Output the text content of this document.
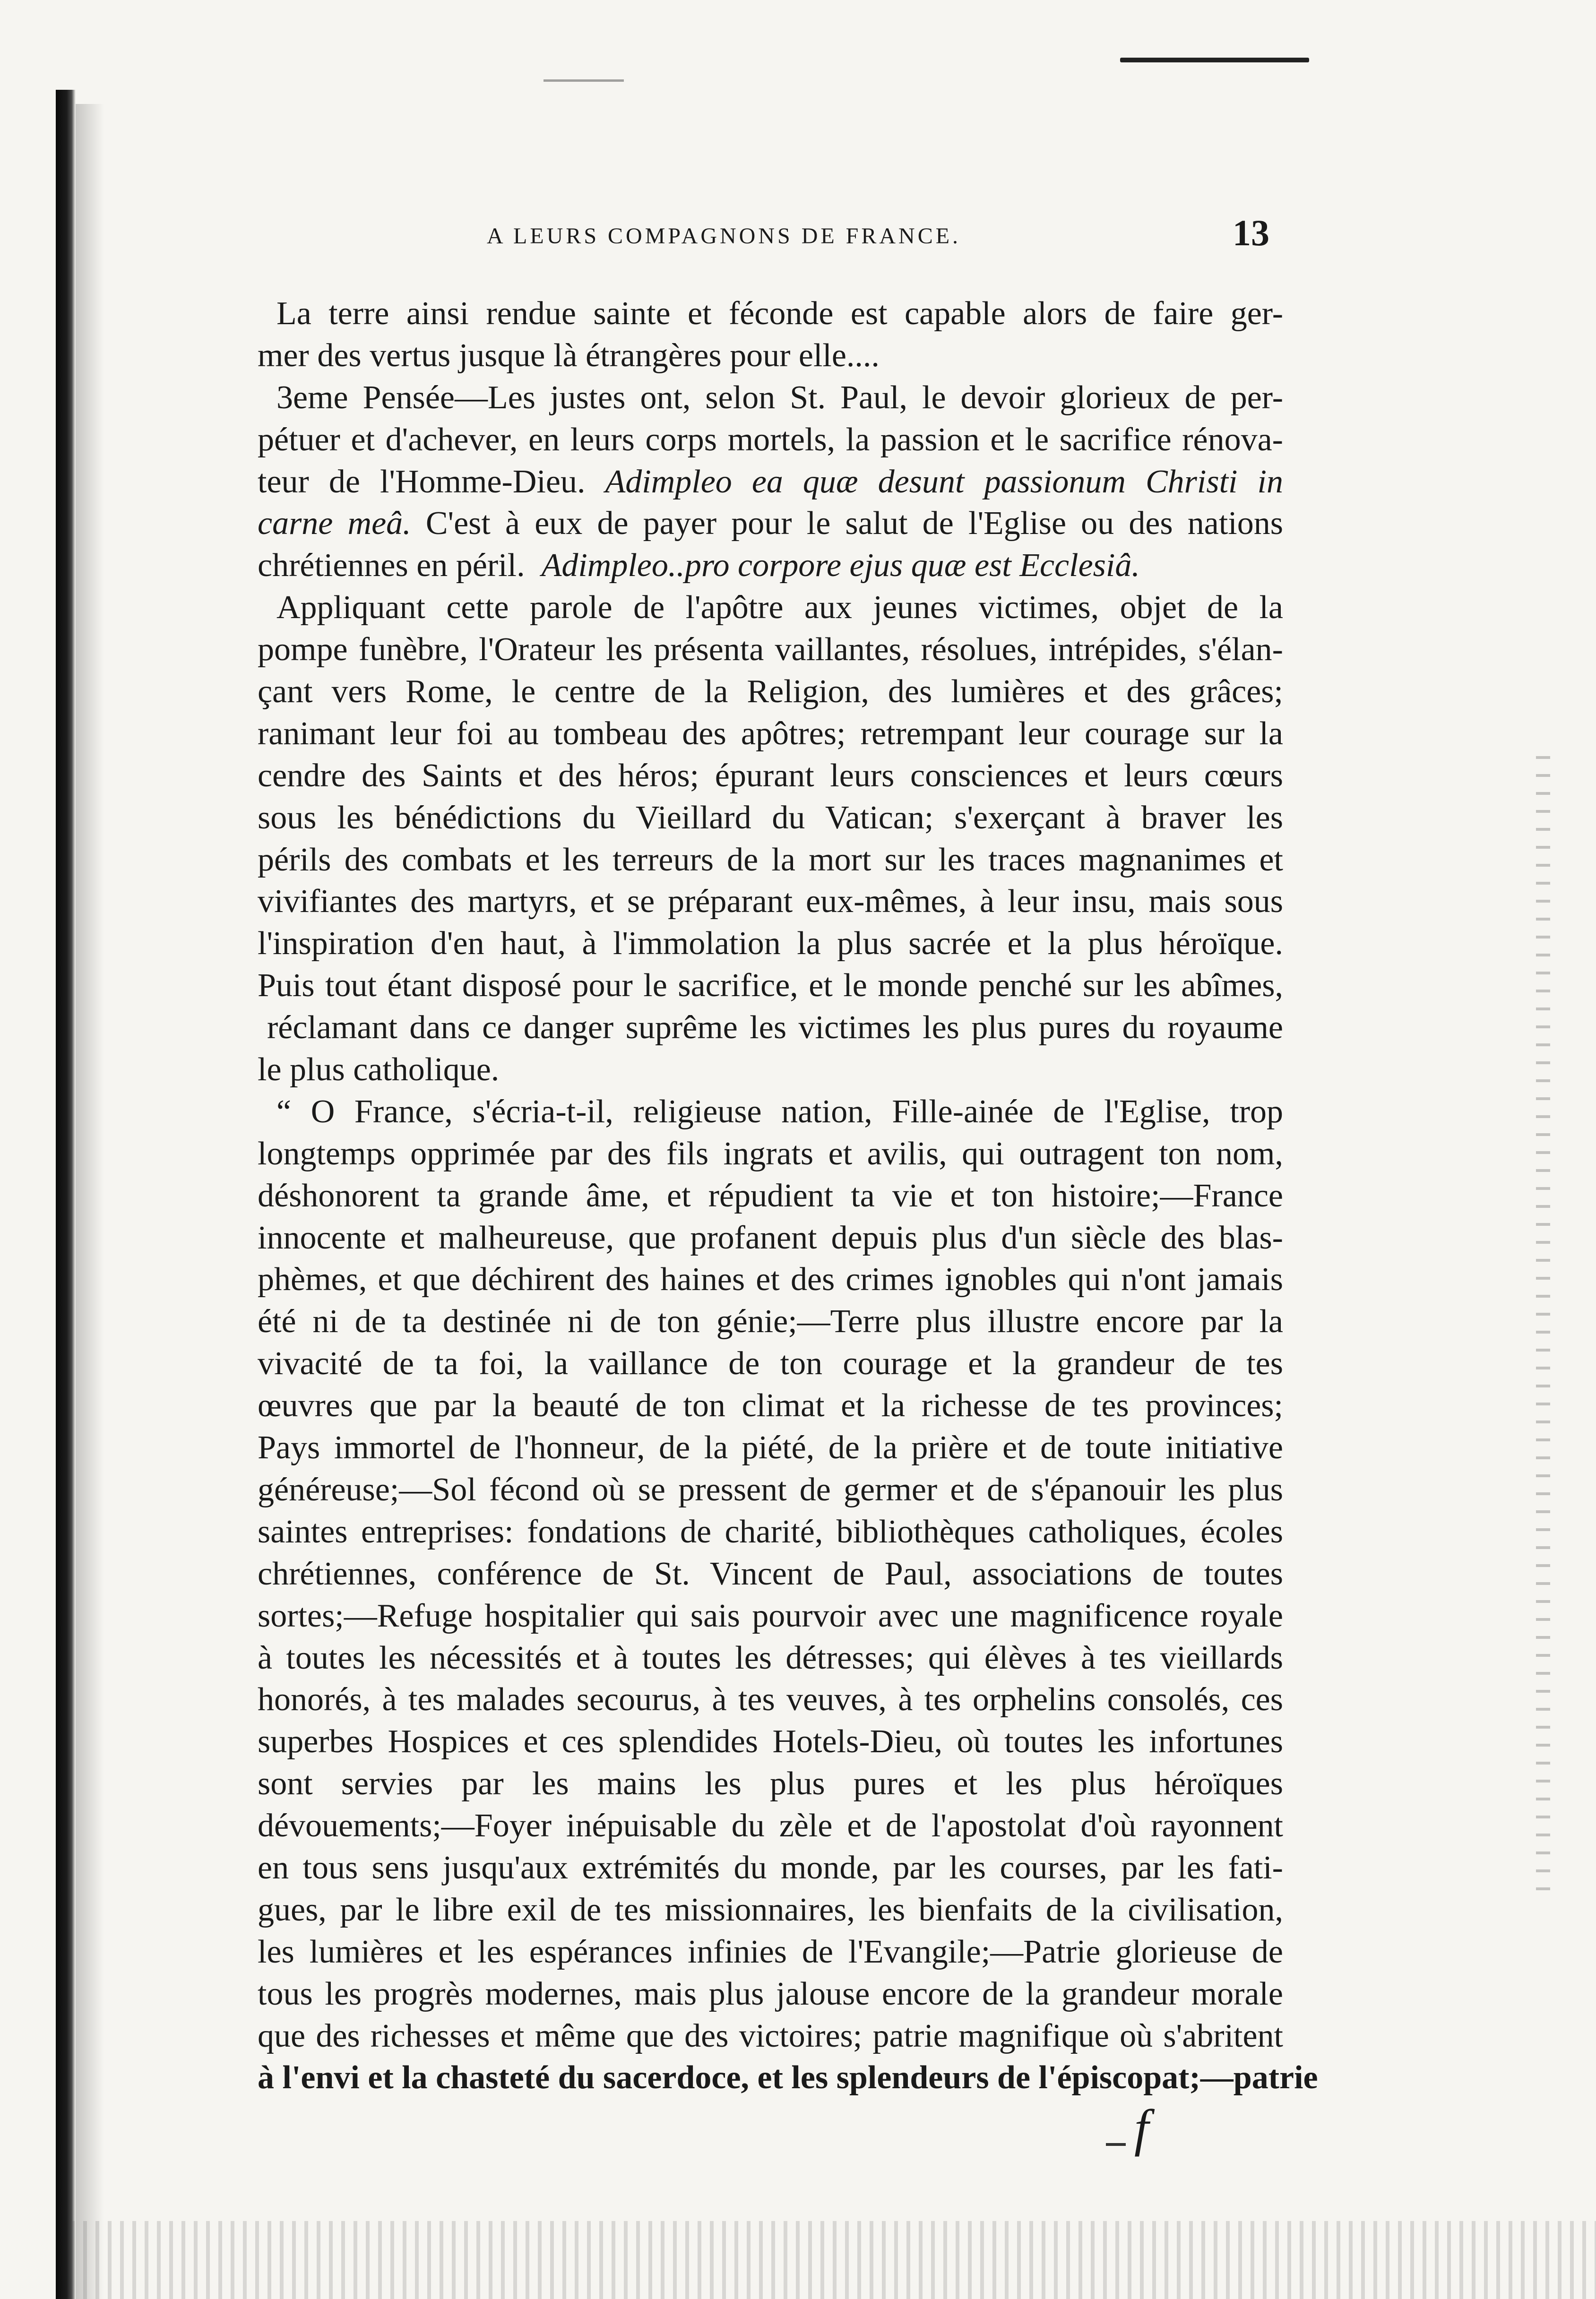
A LEURS COMPAGNONS DE FRANCE.	13
La terre ainsi rendue sainte et féconde est capable alors de faire ger-
mer des vertus jusque là étrangères pour elle....
3eme Pensée—Les justes ont, selon St. Paul, le devoir glorieux de per-
pétuer et d'achever, en leurs corps mortels, la passion et le sacrifice rénova-
teur de l'Homme-Dieu. Adimpleo ea quæ desunt passionum Christi in
carne meâ. C'est à eux de payer pour le salut de l'Eglise ou des nations
chrétiennes en péril. Adimpleo..pro corpore ejus quæ est Ecclesiâ.
Appliquant cette parole de l'apôtre aux jeunes victimes, objet de la
pompe funèbre, l'Orateur les présenta vaillantes, résolues, intrépides, s'élan-
çant vers Rome, le centre de la Religion, des lumières et des grâces;
ranimant leur foi au tombeau des apôtres; retrempant leur courage sur la
cendre des Saints et des héros; épurant leurs consciences et leurs cœurs
sous les bénédictions du Vieillard du Vatican; s'exerçant à braver les
périls des combats et les terreurs de la mort sur les traces magnanimes et
vivifiantes des martyrs, et se préparant eux-mêmes, à leur insu, mais sous
l'inspiration d'en haut, à l'immolation la plus sacrée et la plus héroïque.
Puis tout étant disposé pour le sacrifice, et le monde penché sur les abîmes,
réclamant dans ce danger suprême les victimes les plus pures du royaume
le plus catholique.
“ O France, s'écria-t-il, religieuse nation, Fille-ainée de l'Eglise, trop
longtemps opprimée par des fils ingrats et avilis, qui outragent ton nom,
déshonorent ta grande âme, et répudient ta vie et ton histoire;—France
innocente et malheureuse, que profanent depuis plus d'un siècle des blas-
phèmes, et que déchirent des haines et des crimes ignobles qui n'ont jamais
été ni de ta destinée ni de ton génie;—Terre plus illustre encore par la
vivacité de ta foi, la vaillance de ton courage et la grandeur de tes
œuvres que par la beauté de ton climat et la richesse de tes provinces;
Pays immortel de l'honneur, de la piété, de la prière et de toute initiative
généreuse;—Sol fécond où se pressent de germer et de s'épanouir les plus
saintes entreprises: fondations de charité, bibliothèques catholiques, écoles
chrétiennes, conférence de St. Vincent de Paul, associations de toutes
sortes;—Refuge hospitalier qui sais pourvoir avec une magnificence royale
à toutes les nécessités et à toutes les détresses; qui élèves à tes vieillards
honorés, à tes malades secourus, à tes veuves, à tes orphelins consolés, ces
superbes Hospices et ces splendides Hotels-Dieu, où toutes les infortunes
sont servies par les mains les plus pures et les plus héroïques
dévouements;—Foyer inépuisable du zèle et de l'apostolat d'où rayonnent
en tous sens jusqu'aux extrémités du monde, par les courses, par les fati-
gues, par le libre exil de tes missionnaires, les bienfaits de la civilisation,
les lumières et les espérances infinies de l'Evangile;—Patrie glorieuse de
tous les progrès modernes, mais plus jalouse encore de la grandeur morale
que des richesses et même que des victoires; patrie magnifique où s'abritent
à l'envi et la chasteté du sacerdoce, et les splendeurs de l'épiscopat;—patrie
f
